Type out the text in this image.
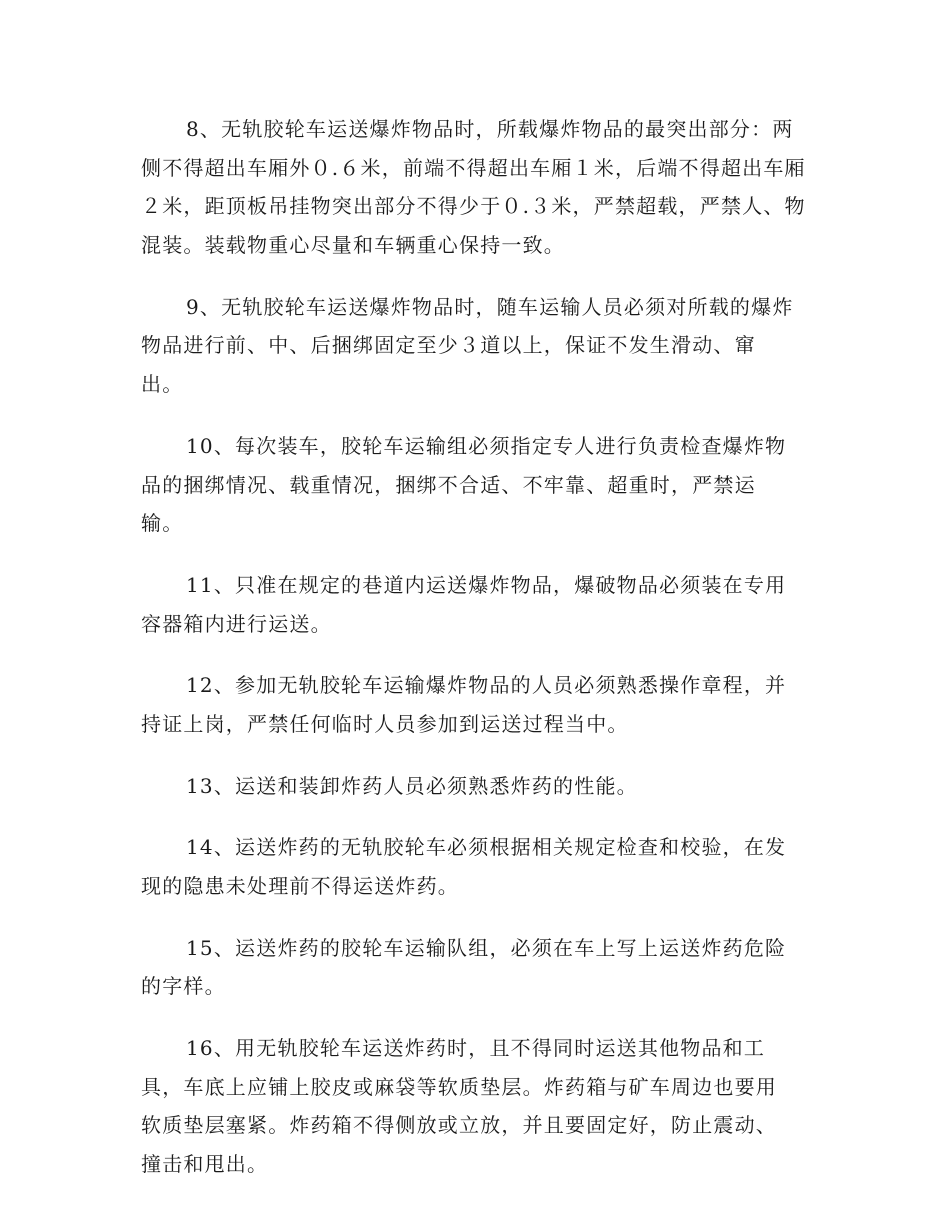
8、无轨胶轮车运送爆炸物品时，所载爆炸物品的最突出部分：两
侧不得超出车厢外０.６米，前端不得超出车厢１米，后端不得超出车厢
２米，距顶板吊挂物突出部分不得少于０.３米，严禁超载，严禁人、物
混装。装载物重心尽量和车辆重心保持一致。

9、无轨胶轮车运送爆炸物品时，随车运输人员必须对所载的爆炸
物品进行前、中、后捆绑固定至少３道以上，保证不发生滑动、窜
出。

10、每次装车，胶轮车运输组必须指定专人进行负责检查爆炸物
品的捆绑情况、载重情况，捆绑不合适、不牢靠、超重时，严禁运
输。

11、只准在规定的巷道内运送爆炸物品，爆破物品必须装在专用
容器箱内进行运送。

12、参加无轨胶轮车运输爆炸物品的人员必须熟悉操作章程，并
持证上岗，严禁任何临时人员参加到运送过程当中。

13、运送和装卸炸药人员必须熟悉炸药的性能。

14、运送炸药的无轨胶轮车必须根据相关规定检查和校验，在发
现的隐患未处理前不得运送炸药。

15、运送炸药的胶轮车运输队组，必须在车上写上运送炸药危险
的字样。

16、用无轨胶轮车运送炸药时，且不得同时运送其他物品和工
具，车底上应铺上胶皮或麻袋等软质垫层。炸药箱与矿车周边也要用
软质垫层塞紧。炸药箱不得侧放或立放，并且要固定好，防止震动、
撞击和甩出。
